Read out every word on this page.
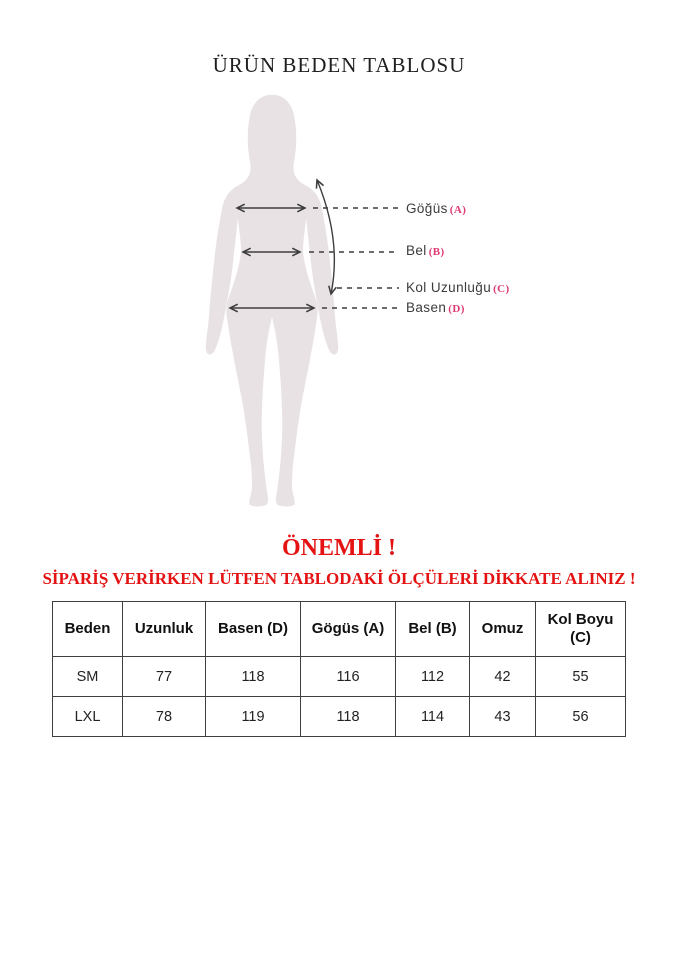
ÜRÜN BEDEN TABLOSU
Göğüs (A)
Bel (B)
Kol Uzunluğu (C)
Basen (D)
ÖNEMLİ !
SİPARİŞ VERİRKEN LÜTFEN TABLODAKİ ÖLÇÜLERİ DİKKATE ALINIZ !
Beden	Uzunluk	Basen (D)	Gögüs (A)	Bel (B)	Omuz	Kol Boyu (C)
SM	77	118	116	112	42	55
LXL	78	119	118	114	43	56
